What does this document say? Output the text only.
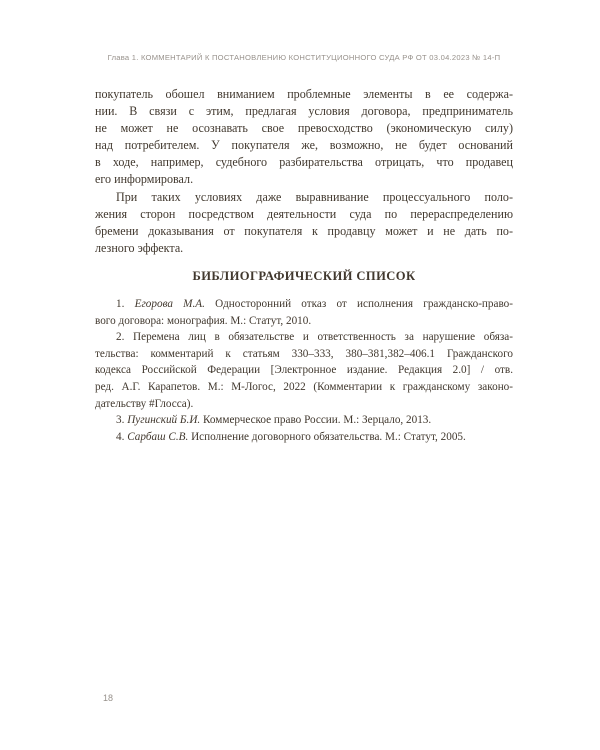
Глава 1. КОММЕНТАРИЙ К ПОСТАНОВЛЕНИЮ КОНСТИТУЦИОННОГО СУДА РФ ОТ 03.04.2023 № 14-П
покупатель обошел вниманием проблемные элементы в ее содержа-
нии. В связи с этим, предлагая условия договора, предприниматель
не может не осознавать свое превосходство (экономическую силу)
над потребителем. У покупателя же, возможно, не будет оснований
в ходе, например, судебного разбирательства отрицать, что продавец
его информировал.
При таких условиях даже выравнивание процессуального поло-
жения сторон посредством деятельности суда по перераспределению
бремени доказывания от покупателя к продавцу может и не дать по-
лезного эффекта.
БИБЛИОГРАФИЧЕСКИЙ СПИСОК
1. Егорова М.А. Односторонний отказ от исполнения гражданско-право-
вого договора: монография. М.: Статут, 2010.
2. Перемена лиц в обязательстве и ответственность за нарушение обяза-
тельства: комментарий к статьям 330–333, 380–381,382–406.1 Гражданского
кодекса Российской Федерации [Электронное издание. Редакция 2.0] / отв.
ред. А.Г. Карапетов. М.: М-Логос, 2022 (Комментарии к гражданскому законо-
дательству #Глосса).
3. Пугинский Б.И. Коммерческое право России. М.: Зерцало, 2013.
4. Сарбаш С.В. Исполнение договорного обязательства. М.: Статут, 2005.
18
